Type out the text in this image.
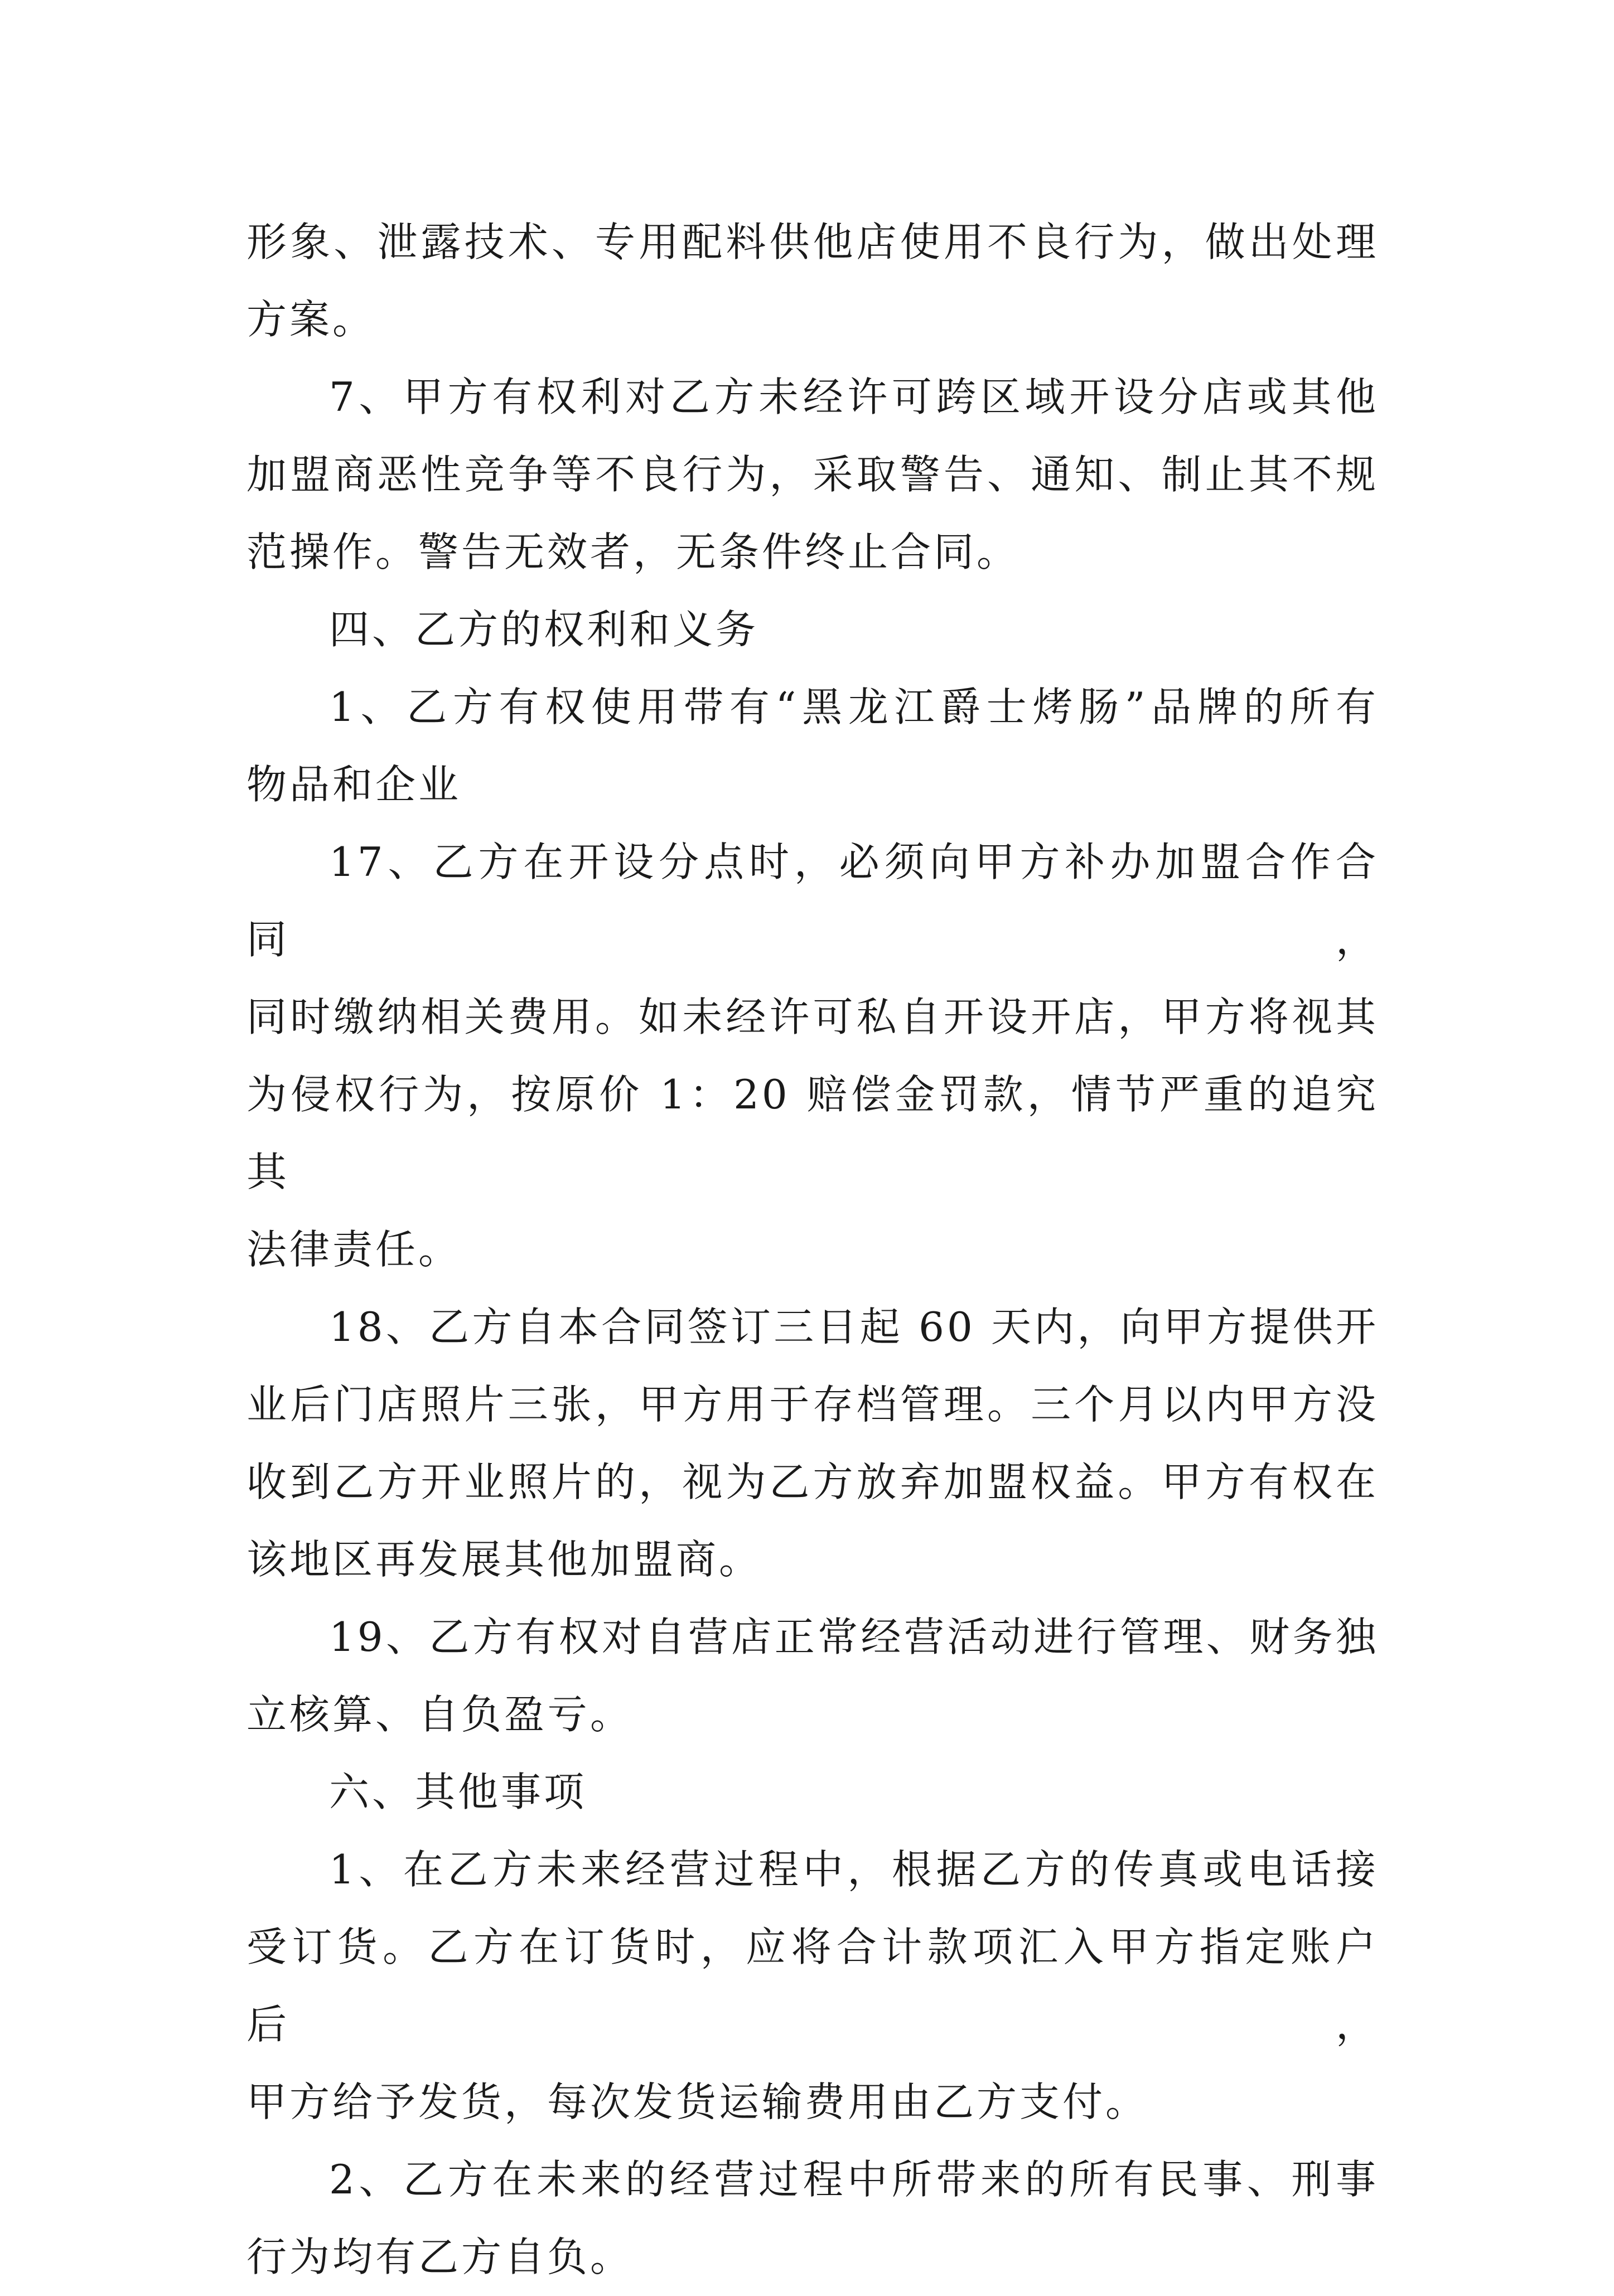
形象、泄露技术、专用配料供他店使用不良行为，做出处理
方案。
7、甲方有权利对乙方未经许可跨区域开设分店或其他
加盟商恶性竞争等不良行为，采取警告、通知、制止其不规
范操作。警告无效者，无条件终止合同。
四、乙方的权利和义务
1、乙方有权使用带有“黑龙江爵士烤肠”品牌的所有
物品和企业
17、乙方在开设分点时，必须向甲方补办加盟合作合同，
同时缴纳相关费用。如未经许可私自开设开店，甲方将视其
为侵权行为，按原价 1：20 赔偿金罚款，情节严重的追究其
法律责任。
18、乙方自本合同签订三日起 60 天内，向甲方提供开
业后门店照片三张，甲方用于存档管理。三个月以内甲方没
收到乙方开业照片的，视为乙方放弃加盟权益。甲方有权在
该地区再发展其他加盟商。
19、乙方有权对自营店正常经营活动进行管理、财务独
立核算、自负盈亏。
六、其他事项
1、在乙方未来经营过程中，根据乙方的传真或电话接
受订货。乙方在订货时，应将合计款项汇入甲方指定账户后，
甲方给予发货，每次发货运输费用由乙方支付。
2、乙方在未来的经营过程中所带来的所有民事、刑事
行为均有乙方自负。
